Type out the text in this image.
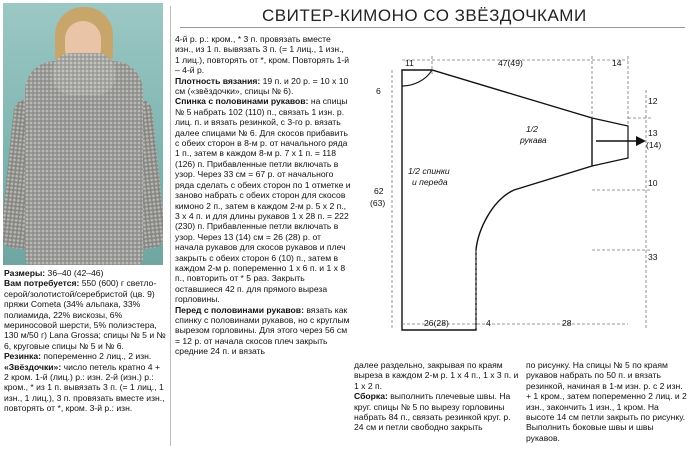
СВИТЕР-КИМОНО СО ЗВЁЗДОЧКАМИ

Размеры: 36–40 (42–46)

Вам потребуется: 550 (600) г светло-серой/золотистой/серебристой (цв. 9) пряжи Cometa (34% альпака, 33% полиамида, 22% вискозы, 6% мериносовой шерсти, 5% полиэстера, 130 м/50 г) Lana Grossa; спицы № 5 и № 6, круговые спицы № 5 и № 6.

Резинка: попеременно 2 лиц., 2 изн.

«Звёздочки»: число петель кратно 4 + 2 кром. 1-й (лиц.) р.: изн. 2-й (изн.) р.: кром., * из 1 п. вывязать 3 п. (= 1 лиц., 1 изн., 1 лиц.), 3 п. провязать вместе изн., повторять от *, кром. 3-й р.: изн.

4-й р. р.: кром., * 3 п. провязать вместе изн., из 1 п. вывязать 3 п. (= 1 лиц., 1 изн., 1 лиц.), повторять от *, кром. Повторять 1-й – 4-й р.

Плотность вязания: 19 п. и 20 р. = 10 х 10 см («звёздочки», спицы № 6).

Спинка с половинами рукавов: на спицы № 5 набрать 102 (110) п., связать 1 изн. р. лиц. п. и вязать резинкой, с 3-го р. вязать далее спицами № 6. Для скосов прибавить с обеих сторон в 8-м р. от начального ряда 1 п., затем в каждом 8-м р. 7 х 1 п. = 118 (126) п. Прибавленные петли включать в узор. Через 33 см = 67 р. от начального ряда сделать с обеих сторон по 1 отметке и заново набрать с обеих сторон для скосов кимоно 2 п., затем в каждом 2-м р. 5 х 2 п., 3 х 4 п. и для длины рукавов 1 х 28 п. = 222 (230) п. Прибавленные петли включать в узор. Через 13 (14) см = 26 (28) р. от начала рукавов для скосов рукавов и плеч закрыть с обеих сторон 6 (10) п., затем в каждом 2-м р. попеременно 1 х 6 п. и 1 х 8 п., повторить от * 5 раз. Закрыть оставшиеся 42 п. для прямого выреза горловины.

Перед с половинами рукавов: вязать как спинку с половинами рукавов, но с круглым вырезом горловины. Для этого через 56 см = 12 р. от начала скосов плеч закрыть средние 24 п. и вязать

далее раздельно, закрывая по краям выреза в каждом 2-м р. 1 х 4 п., 1 х 3 п. и 1 х 2 п.

Сборка: выполнить плечевые швы. На круг. спицы № 5 по вырезу горловины набрать 84 п., связать резинкой круг. р. 24 см и петли свободно закрыть

по рисунку. На спицы № 5 по краям рукавов набрать по 50 п. и вязать резинкой, начиная в 1-м изн. р. с 2 изн. + 1 кром., затем попеременно 2 лиц. и 2 изн., закончить 1 изн., 1 кром. На высоте 14 см петли закрыть по рисунку. Выполнить боковые швы и швы рукавов.

11	47(49)	14
6
12
13
(14)
10
33
62
(63)
26(28)	4	28
1/2
рукава
1/2 спинки
и переда
